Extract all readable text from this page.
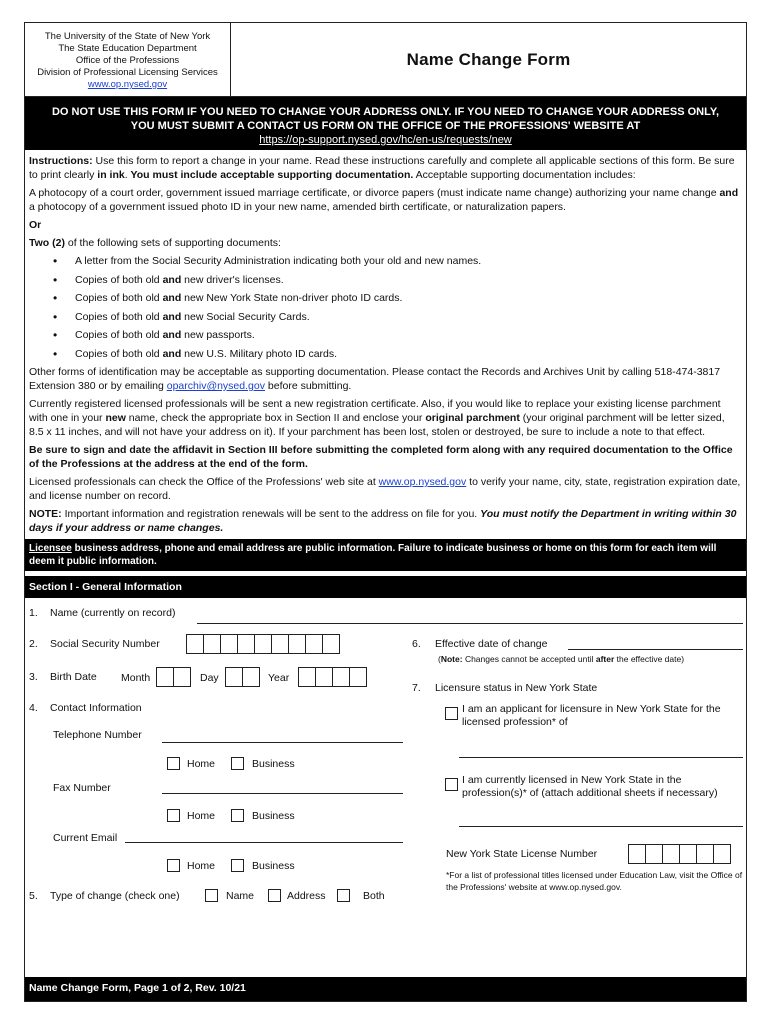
The University of the State of New York
The State Education Department
Office of the Professions
Division of Professional Licensing Services
www.op.nysed.gov
Name Change Form
DO NOT USE THIS FORM IF YOU NEED TO CHANGE YOUR ADDRESS ONLY. IF YOU NEED TO CHANGE YOUR ADDRESS ONLY,
YOU MUST SUBMIT A CONTACT US FORM ON THE OFFICE OF THE PROFESSIONS' WEBSITE AT
https://op-support.nysed.gov/hc/en-us/requests/new

Instructions: Use this form to report a change in your name. Read these instructions carefully and complete all applicable sections of this form. Be sure to print clearly in ink. You must include acceptable supporting documentation. Acceptable supporting documentation includes:

A photocopy of a court order, government issued marriage certificate, or divorce papers (must indicate name change) authorizing your name change and a photocopy of a government issued photo ID in your new name, amended birth certificate, or naturalization papers.

Or

Two (2) of the following sets of supporting documents:

• A letter from the Social Security Administration indicating both your old and new names.
• Copies of both old and new driver's licenses.
• Copies of both old and new New York State non-driver photo ID cards.
• Copies of both old and new Social Security Cards.
• Copies of both old and new passports.
• Copies of both old and new U.S. Military photo ID cards.

Other forms of identification may be acceptable as supporting documentation. Please contact the Records and Archives Unit by calling 518-474-3817 Extension 380 or by emailing oparchiv@nysed.gov before submitting.

Currently registered licensed professionals will be sent a new registration certificate. Also, if you would like to replace your existing license parchment with one in your new name, check the appropriate box in Section II and enclose your original parchment (your original parchment will be letter sized, 8.5 x 11 inches, and will not have your address on it). If your parchment has been lost, stolen or destroyed, be sure to include a note to that effect.

Be sure to sign and date the affidavit in Section III before submitting the completed form along with any required documentation to the Office of the Professions at the address at the end of the form.

Licensed professionals can check the Office of the Professions' web site at www.op.nysed.gov to verify your name, city, state, registration expiration date, and license number on record.

NOTE: Important information and registration renewals will be sent to the address on file for you. You must notify the Department in writing within 30 days if your address or name changes.

Licensee business address, phone and email address are public information. Failure to indicate business or home on this form for each item will deem it public information.
Section I - General Information
1. Name (currently on record)
2. Social Security Number
3. Birth Date Month	Day	Year
4. Contact Information
Telephone Number
Home	Business
Fax Number
Home	Business
Current Email
Home	Business
5. Type of change (check one)	Name	Address	Both
6. Effective date of change
(Note: Changes cannot be accepted until after the effective date)
7. Licensure status in New York State
I am an applicant for licensure in New York State for the licensed profession* of
I am currently licensed in New York State in the profession(s)* of (attach additional sheets if necessary)
New York State License Number
*For a list of professional titles licensed under Education Law, visit the Office of the Professions' website at www.op.nysed.gov.
Name Change Form, Page 1 of 2, Rev. 10/21
